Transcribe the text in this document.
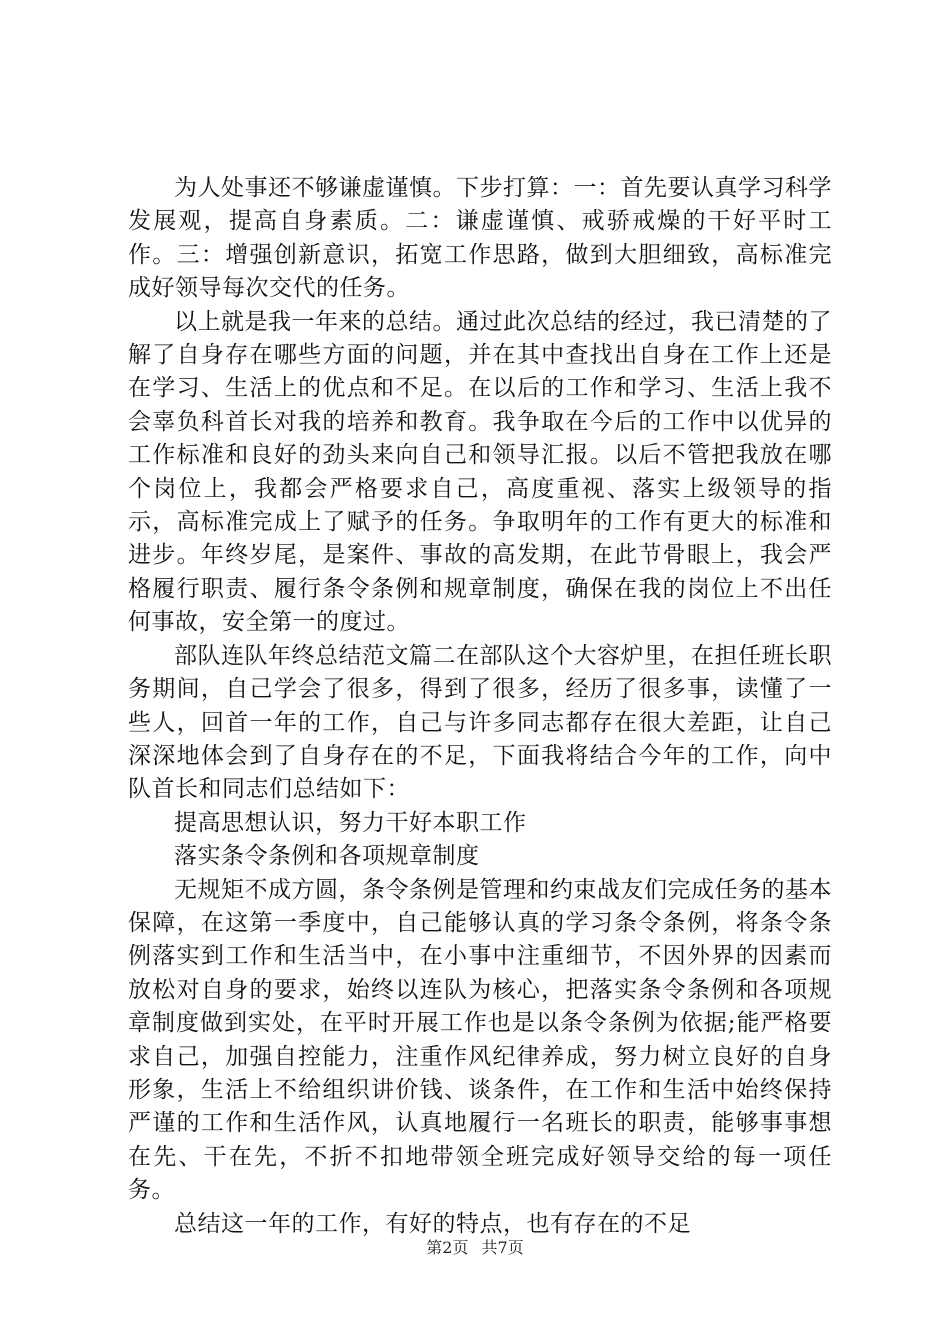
为人处事还不够谦虚谨慎。下步打算：一：首先要认真学习科学发展观，提高自身素质。二：谦虚谨慎、戒骄戒燥的干好平时工作。三：增强创新意识，拓宽工作思路，做到大胆细致，高标准完成好领导每次交代的任务。

以上就是我一年来的总结。通过此次总结的经过，我已清楚的了解了自身存在哪些方面的问题，并在其中查找出自身在工作上还是在学习、生活上的优点和不足。在以后的工作和学习、生活上我不会辜负科首长对我的培养和教育。我争取在今后的工作中以优异的工作标准和良好的劲头来向自己和领导汇报。以后不管把我放在哪个岗位上，我都会严格要求自己，高度重视、落实上级领导的指示，高标准完成上了赋予的任务。争取明年的工作有更大的标准和进步。年终岁尾，是案件、事故的高发期，在此节骨眼上，我会严格履行职责、履行条令条例和规章制度，确保在我的岗位上不出任何事故，安全第一的度过。

部队连队年终总结范文篇二在部队这个大容炉里，在担任班长职务期间，自己学会了很多，得到了很多，经历了很多事，读懂了一些人，回首一年的工作，自己与许多同志都存在很大差距，让自己深深地体会到了自身存在的不足，下面我将结合今年的工作，向中队首长和同志们总结如下：

提高思想认识，努力干好本职工作

落实条令条例和各项规章制度

无规矩不成方圆，条令条例是管理和约束战友们完成任务的基本保障，在这第一季度中，自己能够认真的学习条令条例，将条令条例落实到工作和生活当中，在小事中注重细节，不因外界的因素而放松对自身的要求，始终以连队为核心，把落实条令条例和各项规章制度做到实处，在平时开展工作也是以条令条例为依据;能严格要求自己，加强自控能力，注重作风纪律养成，努力树立良好的自身形象，生活上不给组织讲价钱、谈条件，在工作和生活中始终保持严谨的工作和生活作风，认真地履行一名班长的职责，能够事事想在先、干在先，不折不扣地带领全班完成好领导交给的每一项任务。

总结这一年的工作，有好的特点，也有存在的不足

第2页 共7页
